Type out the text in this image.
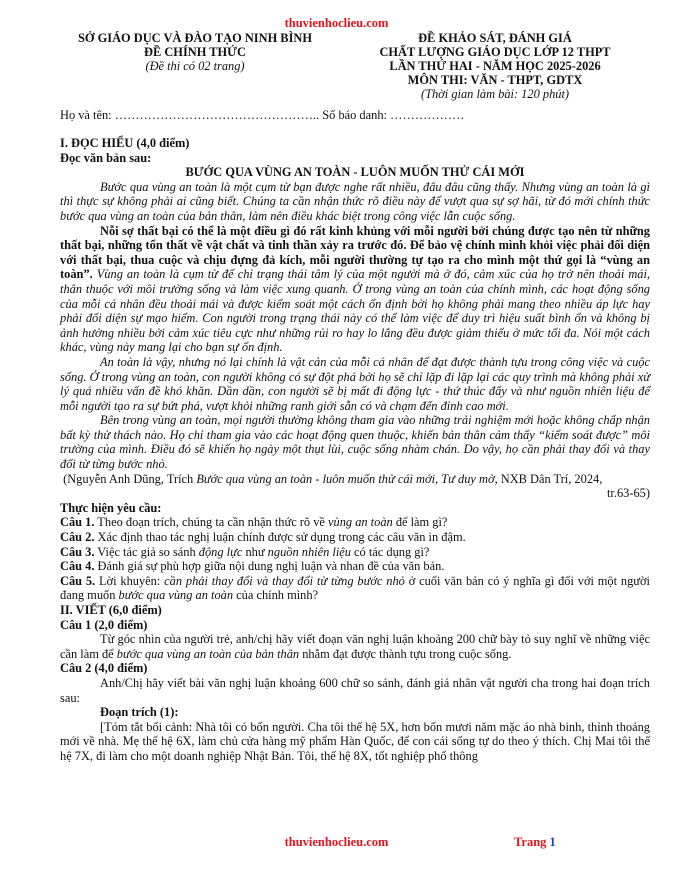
thuvienhoclieu.com
SỞ GIÁO DỤC VÀ ĐÀO TẠO NINH BÌNH
ĐỀ CHÍNH THỨC
(Đề thi có 02 trang)
ĐỀ KHẢO SÁT, ĐÁNH GIÁ
CHẤT LƯỢNG GIÁO DỤC LỚP 12 THPT
LẦN THỨ HAI - NĂM HỌC 2025-2026
MÔN THI: VĂN - THPT, GDTX
(Thời gian làm bài: 120 phút)
Họ và tên: ………………………………………….. Số báo danh: ………………

I. ĐỌC HIỂU (4,0 điểm)

Đọc văn bản sau:

BƯỚC QUA VÙNG AN TOÀN - LUÔN MUỐN THỬ CÁI MỚI

Bước qua vùng an toàn là một cụm từ bạn được nghe rất nhiều, đâu đâu cũng thấy. Nhưng vùng an toàn là gì thì thực sự không phải ai cũng biết. Chúng ta cần nhận thức rõ điều này để vượt qua sự sợ hãi, từ đó mới chính thức bước qua vùng an toàn của bản thân, làm nên điều khác biệt trong công việc lẫn cuộc sống.

Nỗi sợ thất bại có thể là một điều gì đó rất kinh khủng với mỗi người bởi chúng được tạo nên từ những thất bại, những tổn thất về vật chất và tinh thần xảy ra trước đó. Để bảo vệ chính mình khỏi việc phải đối diện với thất bại, thua cuộc và chịu đựng đả kích, mỗi người thường tự tạo ra cho mình một thứ gọi là “vùng an toàn”. Vùng an toàn là cụm từ để chỉ trạng thái tâm lý của một người mà ở đó, cảm xúc của họ trở nên thoải mái, thân thuộc với môi trường sống và làm việc xung quanh. Ở trong vùng an toàn của chính mình, các hoạt động sống của mỗi cá nhân đều thoải mái và được kiểm soát một cách ổn định bởi họ không phải mang theo nhiều áp lực hay phải đối diện sự mạo hiểm. Con người trong trạng thái này có thể làm việc để duy trì hiệu suất bình ổn và không bị ảnh hưởng nhiều bởi cảm xúc tiêu cực như những rủi ro hay lo lắng đều được giảm thiểu ở mức tối đa. Nói một cách khác, vùng này mang lại cho bạn sự ổn định.

An toàn là vậy, nhưng nó lại chính là vật cản của mỗi cá nhân để đạt được thành tựu trong công việc và cuộc sống. Ở trong vùng an toàn, con người không có sự đột phá bởi họ sẽ chỉ lặp đi lặp lại các quy trình mà không phải xử lý quá nhiều vấn đề khó khăn. Dần dần, con người sẽ bị mất đi động lực - thứ thúc đẩy và như nguồn nhiên liệu để mỗi người tạo ra sự bứt phá, vượt khỏi những ranh giới sẵn có và chạm đến đỉnh cao mới.

Bên trong vùng an toàn, mọi người thường không tham gia vào những trải nghiệm mới hoặc không chấp nhận bất kỳ thử thách nào. Họ chỉ tham gia vào các hoạt động quen thuộc, khiến bản thân cảm thấy “kiểm soát được” môi trường của mình. Điều đó sẽ khiến họ ngày một thụt lùi, cuộc sống nhàm chán. Do vậy, họ cần phải thay đổi và thay đổi từ từng bước nhỏ.

(Nguyễn Anh Dũng, Trích Bước qua vùng an toàn - luôn muốn thử cái mới, Tư duy mở, NXB Dân Trí, 2024,

tr.63-65)

Thực hiện yêu cầu:

Câu 1. Theo đoạn trích, chúng ta cần nhận thức rõ về vùng an toàn để làm gì?

Câu 2. Xác định thao tác nghị luận chính được sử dụng trong các câu văn in đậm.

Câu 3. Việc tác giả so sánh động lực như nguồn nhiên liệu có tác dụng gì?

Câu 4. Đánh giá sự phù hợp giữa nội dung nghị luận và nhan đề của văn bản.

Câu 5. Lời khuyên: cần phải thay đổi và thay đổi từ từng bước nhỏ ở cuối văn bản có ý nghĩa gì đối với một người đang muốn bước qua vùng an toàn của chính mình?

II. VIẾT (6,0 điểm)

Câu 1 (2,0 điểm)

Từ góc nhìn của người trẻ, anh/chị hãy viết đoạn văn nghị luận khoảng 200 chữ bày tỏ suy nghĩ về những việc cần làm để bước qua vùng an toàn của bản thân nhằm đạt được thành tựu trong cuộc sống.

Câu 2 (4,0 điểm)

Anh/Chị hãy viết bài văn nghị luận khoảng 600 chữ so sánh, đánh giá nhân vật người cha trong hai đoạn trích sau:

Đoạn trích (1):

[Tóm tắt bối cảnh: Nhà tôi có bốn người. Cha tôi thế hệ 5X, hơn bốn mươi năm mặc áo nhà binh, thỉnh thoảng mới về nhà. Mẹ thế hệ 6X, làm chủ cửa hàng mỹ phẩm Hàn Quốc, để con cái sống tự do theo ý thích. Chị Mai tôi thế hệ 7X, đi làm cho một doanh nghiệp Nhật Bản. Tôi, thế hệ 8X, tốt nghiệp phổ thông

thuvienhoclieu.com	Trang 1
